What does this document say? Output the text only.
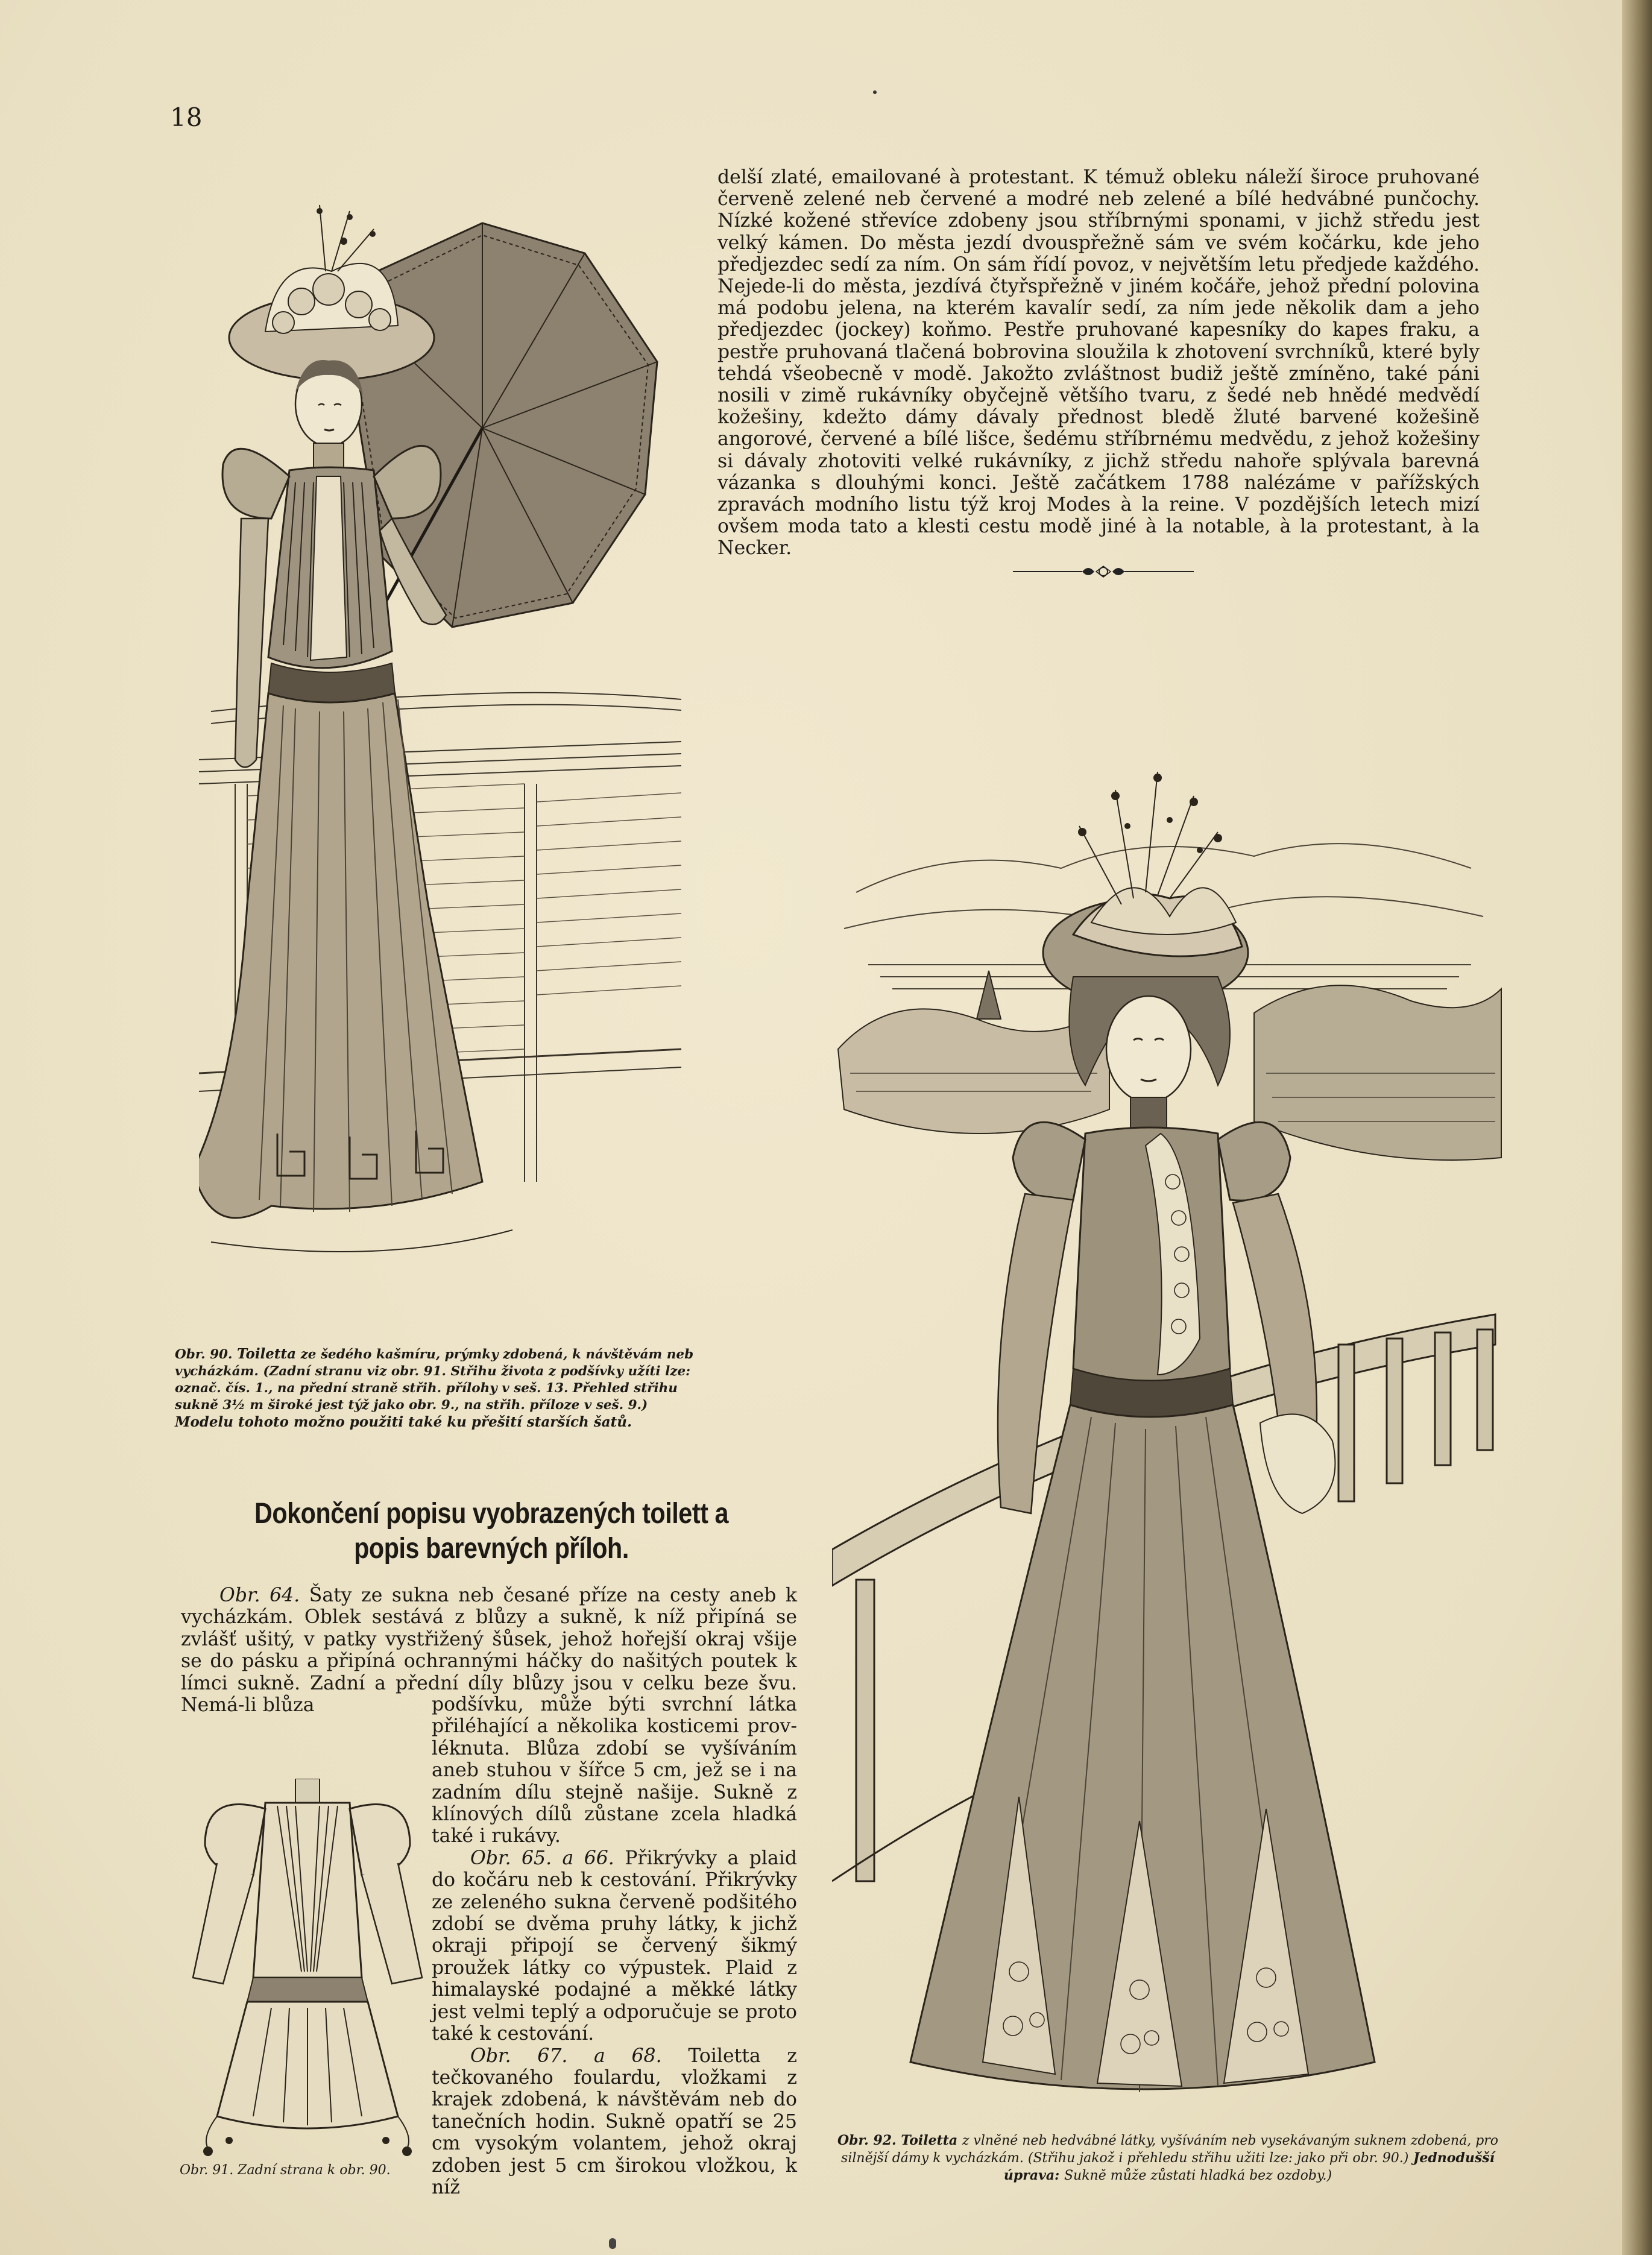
18

delší zlaté, emailované à protestant. K témuž obleku náleží široce pruhované červeně zelené neb červené a modré neb zelené a bílé hedvábné punčochy. Nízké kožené střevíce zdobeny jsou stříbrnými sponami, v jichž středu jest velký kámen. Do města jezdí dvouspřežně sám ve svém kočárku, kde jeho předjezdec sedí za ním. On sám řídí povoz, v největším letu předjede každého. Nejede-li do města, jezdívá čtyřspřežně v jiném kočáře, jehož přední polovina má podobu jelena, na kterém kavalír sedí, za ním jede několik dam a jeho předjezdec (jockey) koňmo. Pestře pruhované kapesníky do kapes fraku, a pestře pruhovaná tlačená bobrovina sloužila k zhotovení svrchníků, které byly tehdá všeobecně v modě. Jakožto zvláštnost budiž ještě zmíněno, také páni nosili v zimě rukávníky obyčejně většího tvaru, z šedé neb hnědé medvědí kožešiny, kdežto dámy dávaly přednost bledě žluté barvené kožešině angorové, červené a bílé lišce, šedému stříbrnému medvědu, z jehož kožešiny si dávaly zhotoviti velké rukávníky, z jichž středu nahoře splývala barevná vázanka s dlouhými konci. Ještě začátkem 1788 nalézáme v pařížských zpravách modního listu týž kroj Modes à la reine. V pozdějších letech mizí ovšem moda tato a klesti cestu modě jiné à la notable, à la protestant, à la Necker.

Obr. 90. Toiletta ze šedého kašmíru, prýmky zdobená, k návštěvám neb vycházkám. (Zadní stranu viz obr. 91. Střihu života z podšívky užíti lze: označ. čís. 1., na přední straně střih. přílohy v seš. 13. Přehled střihu sukně 3½ m široké jest týž jako obr. 9., na střih. příloze v seš. 9.)

Modelu tohoto možno použiti také ku přešití starších šatů.

Dokončení popisu vyobrazených toilett a popis barevných příloh.

Obr. 64. Šaty ze sukna neb česané příze na cesty aneb k vycházkám. Oblek sestává z blůzy a sukně, k níž připíná se zvlášť ušitý, v patky vystřižený šůsek, jehož hořejší okraj všije se do pásku a připíná ochrannými háčky do našitých poutek k límci sukně. Zadní a přední díly blůzy jsou v celku beze švu. Nemá-li blůza	podšívku, může býti svrchní látka přiléhající a několika kosticemi provléknuta. Blůza zdobí se vyšíváním aneb stuhou v šířce 5 cm, jež se i na zadním dílu stejně našije. Sukně z klínových dílů zůstane zcela hladká také i rukávy.

Obr. 65. a 66. Přikrývky a plaid do kočáru neb k cestování. Přikrývky ze zeleného sukna červeně podšitého zdobí se dvěma pruhy látky, k jichž okraji připojí se červený šikmý proužek látky co výpustek. Plaid z himalayské podajné a měkké látky jest velmi teplý a odporučuje se proto také k cestování.

Obr. 67. a 68. Toiletta z tečkovaného foulardu, vložkami z krajek zdobená, k návštěvám neb do tanečních hodin. Sukně opatří se 25 cm vysokým volantem, jehož okraj zdoben jest 5 cm širokou vložkou, k níž

Obr. 91. Zadní strana k obr. 90.

Obr. 92. Toiletta z vlněné neb hedvábné látky, vyšíváním neb vysekávaným suknem zdobená, pro silnější dámy k vycházkám. (Střihu jakož i přehledu střihu užiti lze: jako při obr. 90.) Jednodušší úprava: Sukně může zůstati hladká bez ozdoby.)
